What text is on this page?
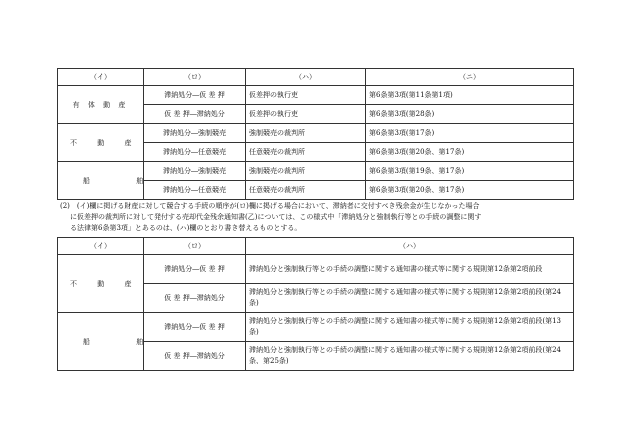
（イ）	（ロ）	（ハ）	（ニ）
有 体 動 産	滞納処分―仮 差 押	仮差押の執行吏	第6条第3項(第11条第1項)
	仮 差 押―滞納処分	仮差押の執行吏	第6条第3項(第28条)
不 動 産	滞納処分―強制競売	強制競売の裁判所	第6条第3項(第17条)
	滞納処分―任意競売	任意競売の裁判所	第6条第3項(第20条、第17条)
船 舶	滞納処分―強制競売	強制競売の裁判所	第6条第3項(第19条、第17条)
	滞納処分―任意競売	任意競売の裁判所	第6条第3項(第20条、第17条)

(2)　(イ)欄に掲げる財産に対して競合する手続の順序が(ロ)欄に掲げる場合において、滞納者に交付すべき残余金が生じなかった場合

に仮差押の裁判所に対して発付する売却代金残余通知書(乙)については、この様式中「滞納処分と強制執行等との手続の調整に関す

る法律第6条第3項」とあるのは、(ハ)欄のとおり書き替えるものとする。

（イ）	（ロ）	（ハ）
不 動 産	滞納処分―仮 差 押	滞納処分と強制執行等との手続の調整に関する通知書の様式等に関する規則第12条第2項前段
	仮 差 押―滞納処分	滞納処分と強制執行等との手続の調整に関する通知書の様式等に関する規則第12条第2項前段(第24条)
船 舶	滞納処分―仮 差 押	滞納処分と強制執行等との手続の調整に関する通知書の様式等に関する規則第12条第2項前段(第13条)
	仮 差 押―滞納処分	滞納処分と強制執行等との手続の調整に関する通知書の様式等に関する規則第12条第2項前段(第24条、第25条)
